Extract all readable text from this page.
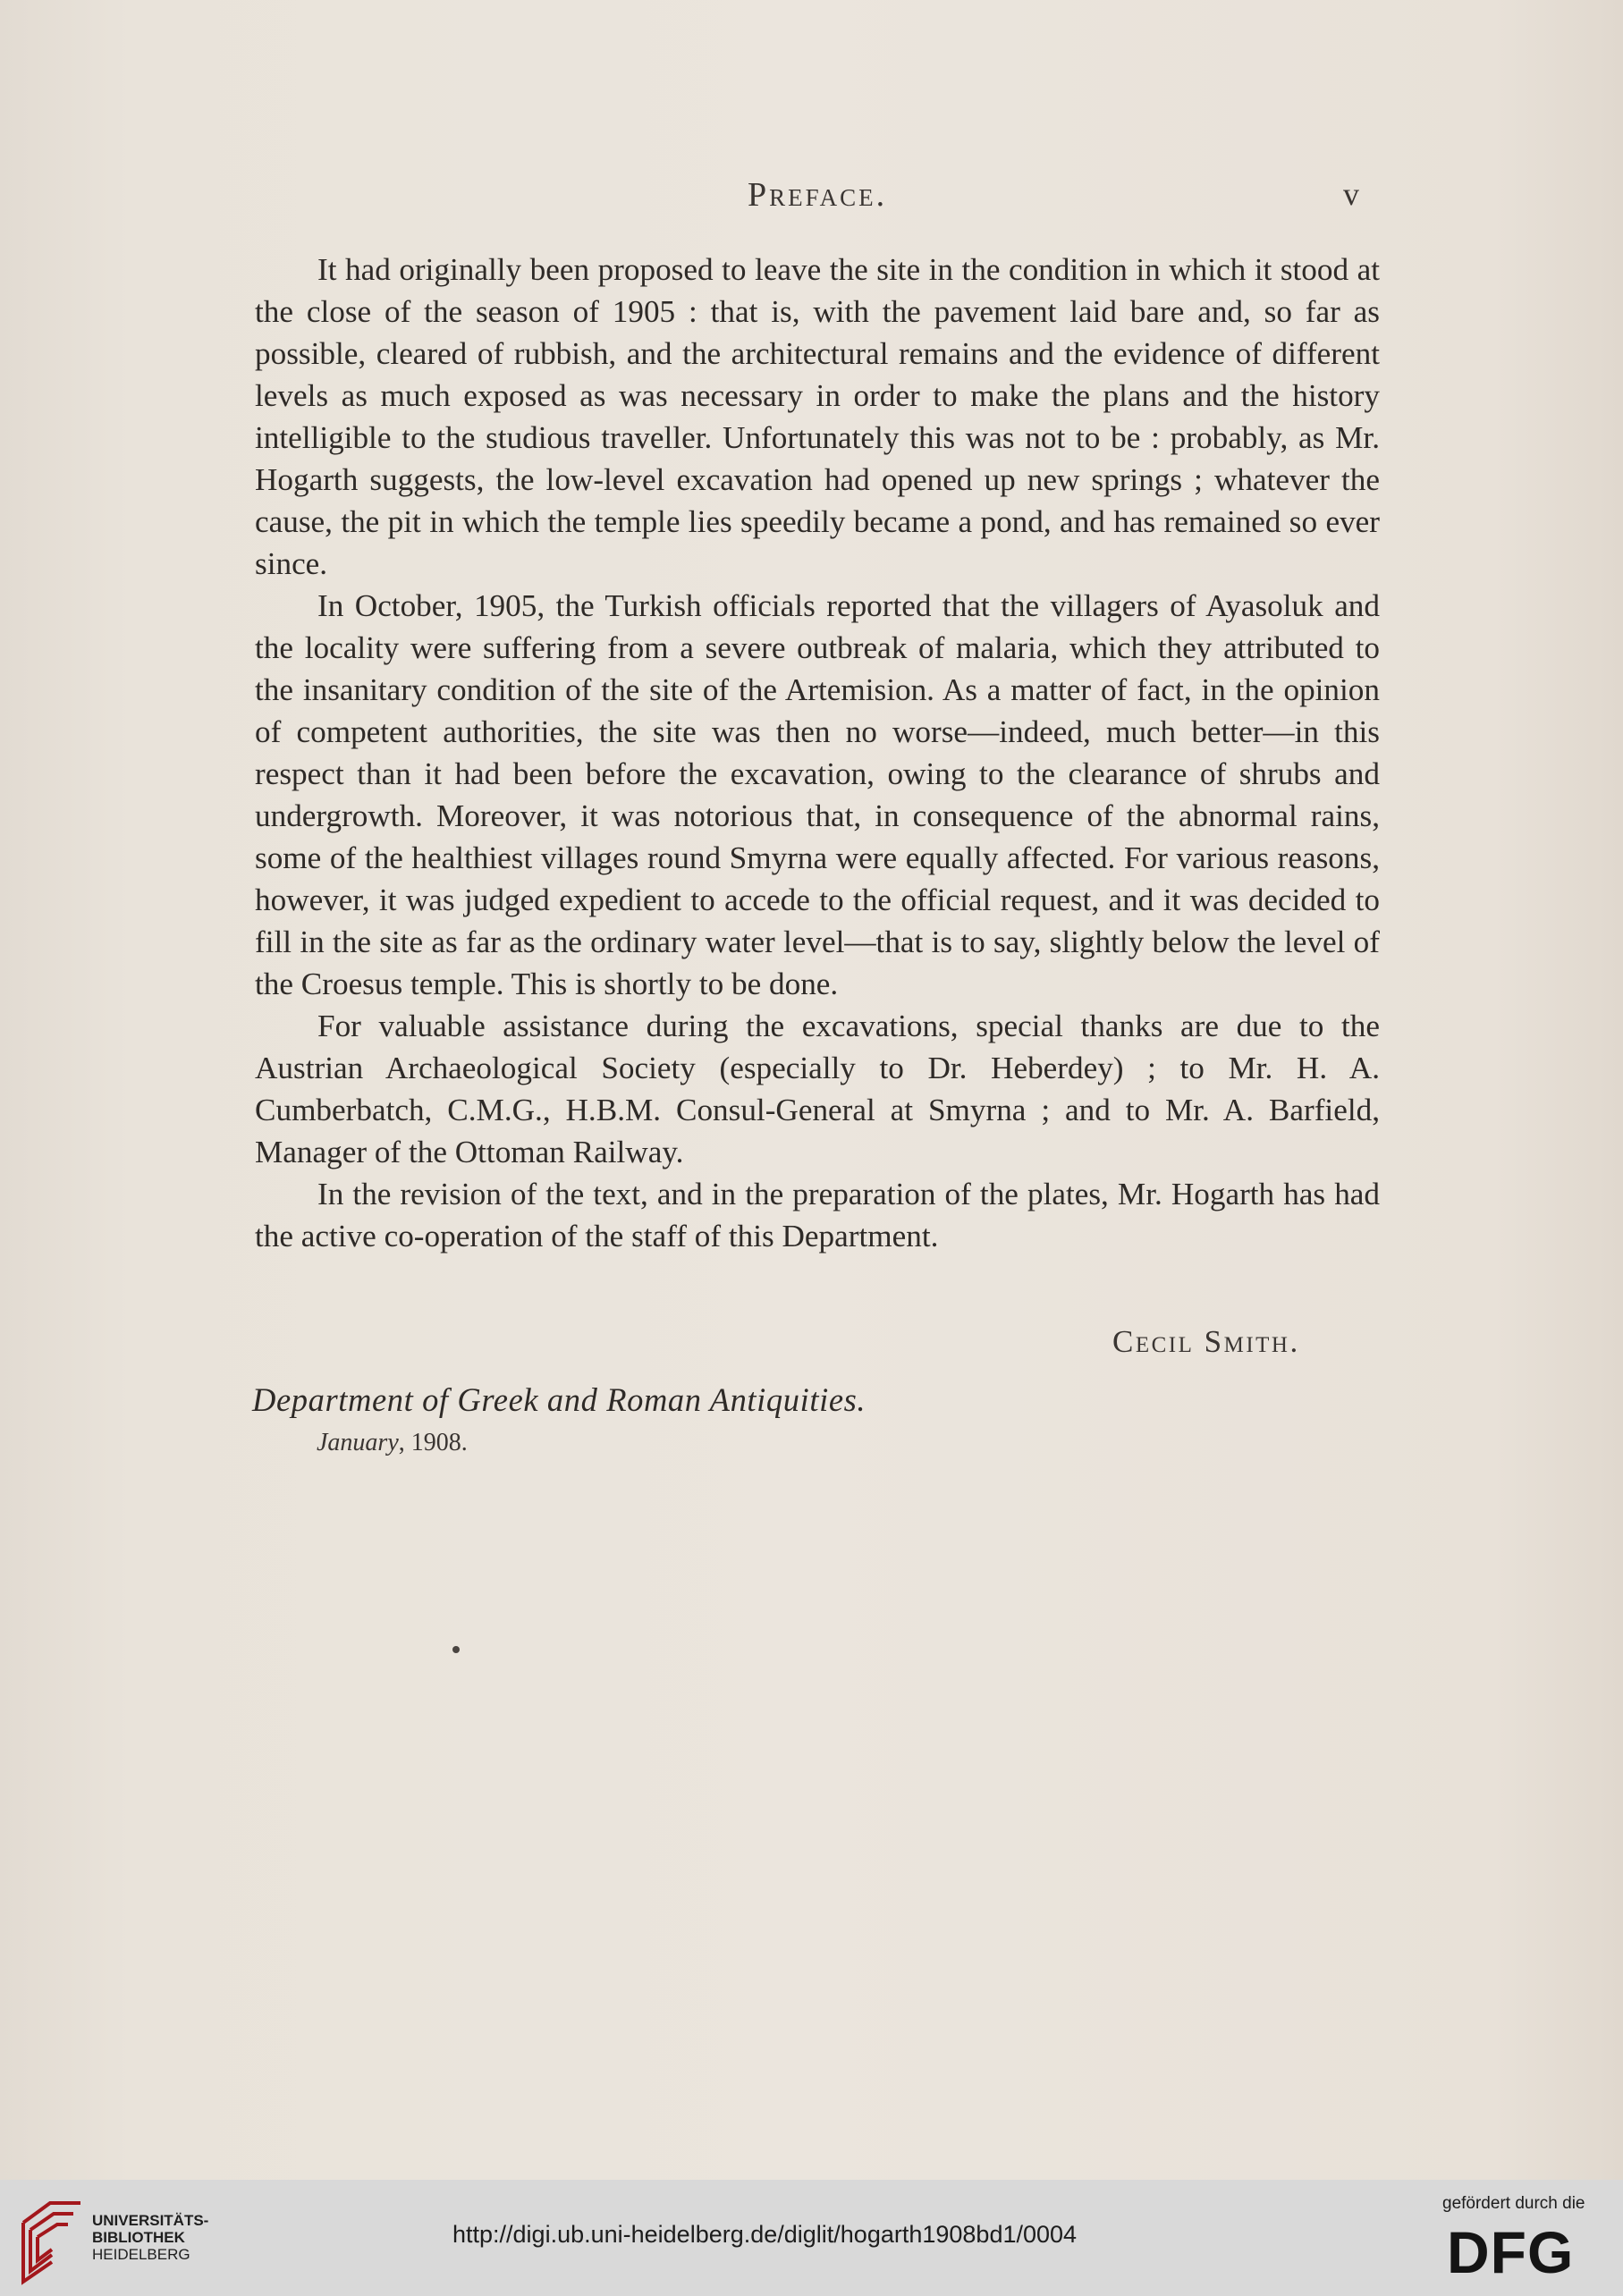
Preface.	v

It had originally been proposed to leave the site in the condition in which it stood at the close of the season of 1905 : that is, with the pavement laid bare and, so far as possible, cleared of rubbish, and the architectural remains and the evidence of different levels as much exposed as was necessary in order to make the plans and the history intelligible to the studious traveller. Unfortunately this was not to be : probably, as Mr. Hogarth suggests, the low-level excavation had opened up new springs ; whatever the cause, the pit in which the temple lies speedily became a pond, and has remained so ever since.

In October, 1905, the Turkish officials reported that the villagers of Ayasoluk and the locality were suffering from a severe outbreak of malaria, which they attributed to the insanitary condition of the site of the Artemision. As a matter of fact, in the opinion of competent authorities, the site was then no worse—indeed, much better—in this respect than it had been before the excavation, owing to the clearance of shrubs and undergrowth. Moreover, it was notorious that, in consequence of the abnormal rains, some of the healthiest villages round Smyrna were equally affected. For various reasons, however, it was judged expedient to accede to the official request, and it was decided to fill in the site as far as the ordinary water level—that is to say, slightly below the level of the Croesus temple. This is shortly to be done.

For valuable assistance during the excavations, special thanks are due to the Austrian Archaeological Society (especially to Dr. Heberdey) ; to Mr. H. A. Cumberbatch, C.M.G., H.B.M. Consul-General at Smyrna ; and to Mr. A. Barfield, Manager of the Ottoman Railway.

In the revision of the text, and in the preparation of the plates, Mr. Hogarth has had the active co-operation of the staff of this Department.

Cecil Smith.
Department of Greek and Roman Antiquities.
January, 1908.
UNIVERSITÄTS-
BIBLIOTHEK
HEIDELBERG
http://digi.ub.uni-heidelberg.de/diglit/hogarth1908bd1/0004
gefördert durch die
DFG
